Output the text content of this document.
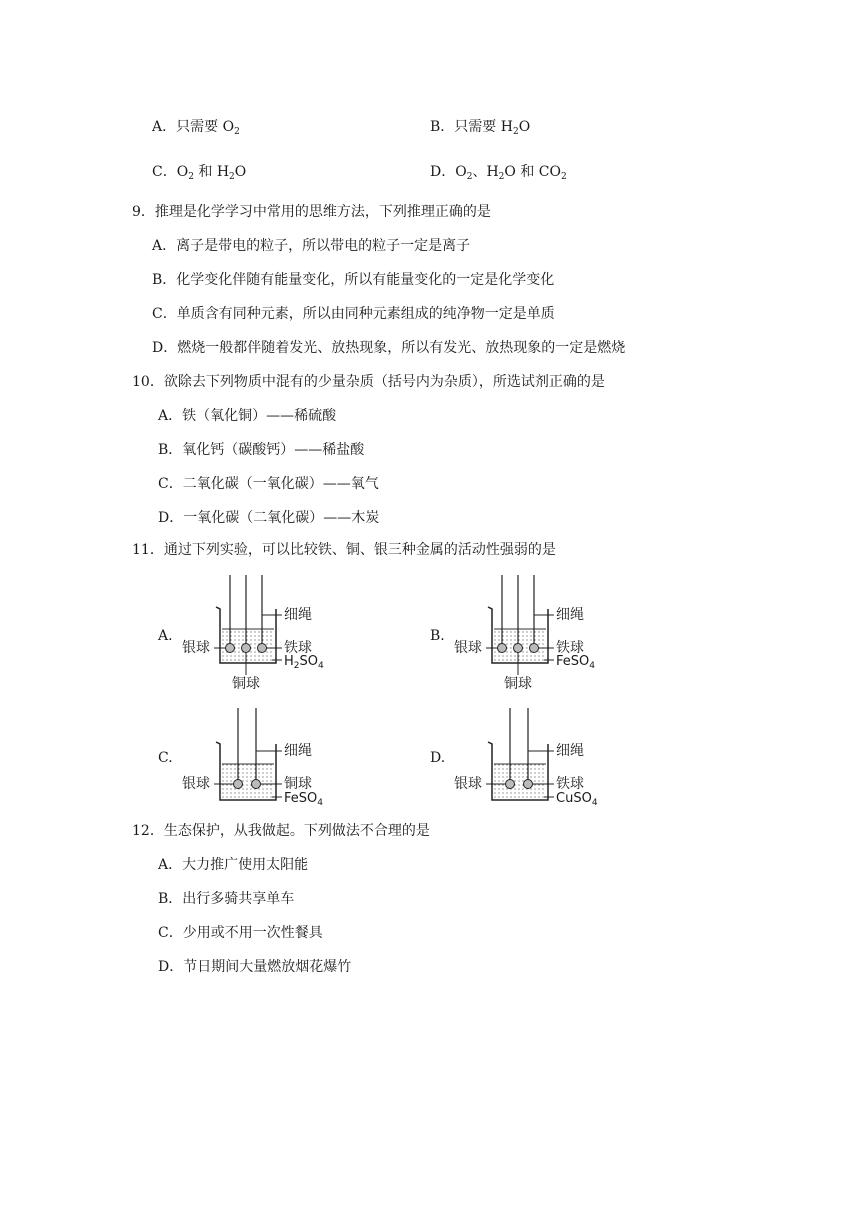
A．只需要 $O_2$	B．只需要 $H_2O$
C．$O_2$ 和 $H_2O$	D．$O_2$、$H_2O$ 和 $CO_2$
9．推理是化学学习中常用的思维方法，下列推理正确的是
A．离子是带电的粒子，所以带电的粒子一定是离子
B．化学变化伴随有能量变化，所以有能量变化的一定是化学变化
C．单质含有同种元素，所以由同种元素组成的纯净物一定是单质
D．燃烧一般都伴随着发光、放热现象，所以有发光、放热现象的一定是燃烧
10．欲除去下列物质中混有的少量杂质（括号内为杂质），所选试剂正确的是
A．铁（氧化铜）——稀硫酸
B．氧化钙（碳酸钙）——稀盐酸
C．二氧化碳（一氧化碳）——氧气
D．一氧化碳（二氧化碳）——木炭
11．通过下列实验，可以比较铁、铜、银三种金属的活动性强弱的是
A.
细绳
银球	铁球
$H_2SO_4$
铜球
B.
细绳
银球	铁球
FeSO$_4$
铜球
C.	细绳
银球	铜球
FeSO$_4$
D.	细绳
银球	铁球
CuSO$_4$
12．生态保护，从我做起。下列做法不合理的是
A．大力推广使用太阳能
B．出行多骑共享单车
C．少用或不用一次性餐具
D．节日期间大量燃放烟花爆竹
